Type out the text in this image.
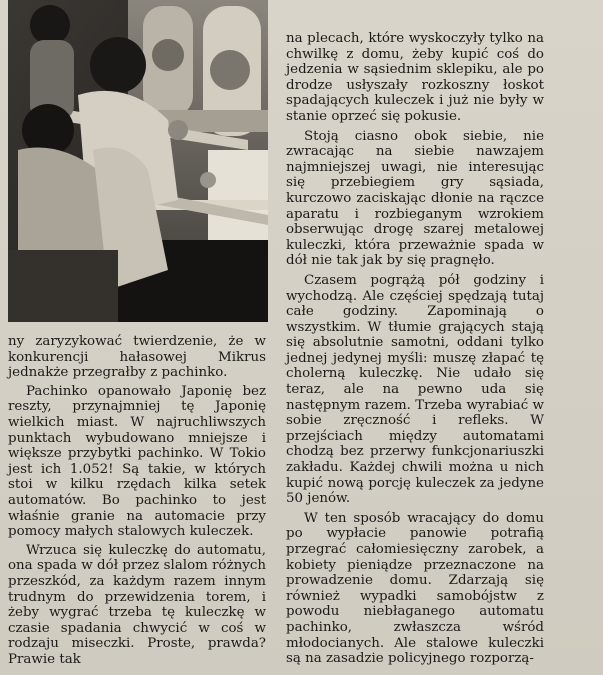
ny zaryzykować twierdzenie, że w konkurencji hałasowej Mikrus jednakże przegrałby z pachinko.

Pachinko opanowało Japonię bez reszty, przynajmniej tę Japonię wielkich miast. W najruchliwszych punktach wybudowano mniejsze i większe przybytki pachinko. W Tokio jest ich 1.052! Są takie, w których stoi w kilku rzędach kilka setek automatów. Bo pachinko to jest właśnie granie na automacie przy pomocy małych stalowych kuleczek.

Wrzuca się kuleczkę do automatu, ona spada w dół przez slalom różnych przeszkód, za każdym razem innym trudnym do przewidzenia torem, i żeby wygrać trzeba tę kuleczkę w czasie spadania chwycić w coś w rodzaju miseczki. Proste, prawda? Prawie tak

na plecach, które wyskoczyły tylko na chwilkę z domu, żeby kupić coś do jedzenia w sąsiednim sklepiku, ale po drodze usłyszały rozkoszny łoskot spadających kuleczek i już nie były w stanie oprzeć się pokusie.

Stoją ciasno obok siebie, nie zwracając na siebie nawzajem najmniejszej uwagi, nie interesując się przebiegiem gry sąsiada, kurczowo zaciskając dłonie na rączce aparatu i rozbieganym wzrokiem obserwując drogę szarej metalowej kuleczki, która przeważnie spada w dół nie tak jak by się pragnęło.

Czasem pogrążą pół godziny i wychodzą. Ale częściej spędzają tutaj całe godziny. Zapominają o wszystkim. W tłumie grających stają się absolutnie samotni, oddani tylko jednej jedynej myśli: muszę złapać tę cholerną kuleczkę. Nie udało się teraz, ale na pewno uda się następnym razem. Trzeba wyrabiać w sobie zręczność i refleks. W przejściach między automatami chodzą bez przerwy funkcjonariuszki zakładu. Każdej chwili można u nich kupić nową porcję kuleczek za jedyne 50 jenów.

W ten sposób wracający do domu po wypłacie panowie potrafią przegrać całomiesięczny zarobek, a kobiety pieniądze przeznaczone na prowadzenie domu. Zdarzają się również wypadki samobójstw z powodu niebłaganego automatu pachinko, zwłaszcza wśród młodocianych. Ale stalowe kuleczki są na zasadzie policyjnego rozporzą-
